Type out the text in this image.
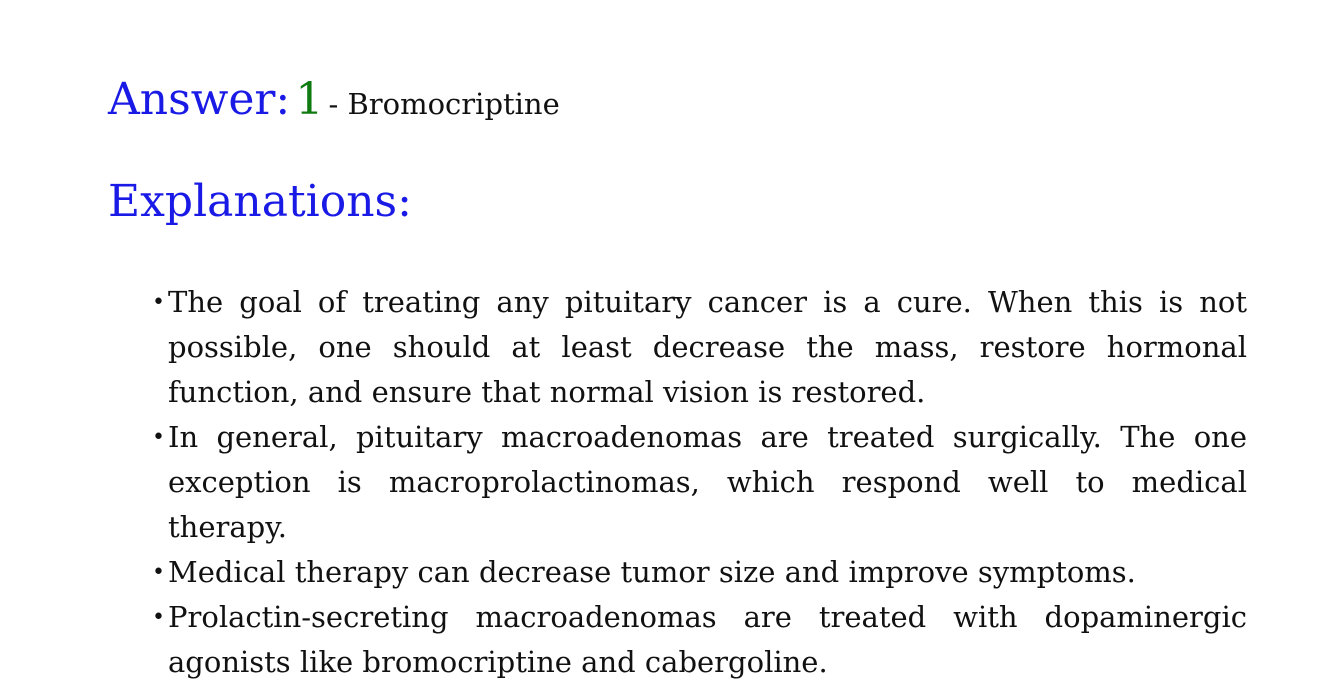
Answer: 1 - Bromocriptine
Explanations:
• The goal of treating any pituitary cancer is a cure. When this is not possible, one should at least decrease the mass, restore hormonal function, and ensure that normal vision is restored.
• In general, pituitary macroadenomas are treated surgically. The one exception is macroprolactinomas, which respond well to medical therapy.
• Medical therapy can decrease tumor size and improve symptoms.
• Prolactin-secreting macroadenomas are treated with dopaminergic agonists like bromocriptine and cabergoline.
